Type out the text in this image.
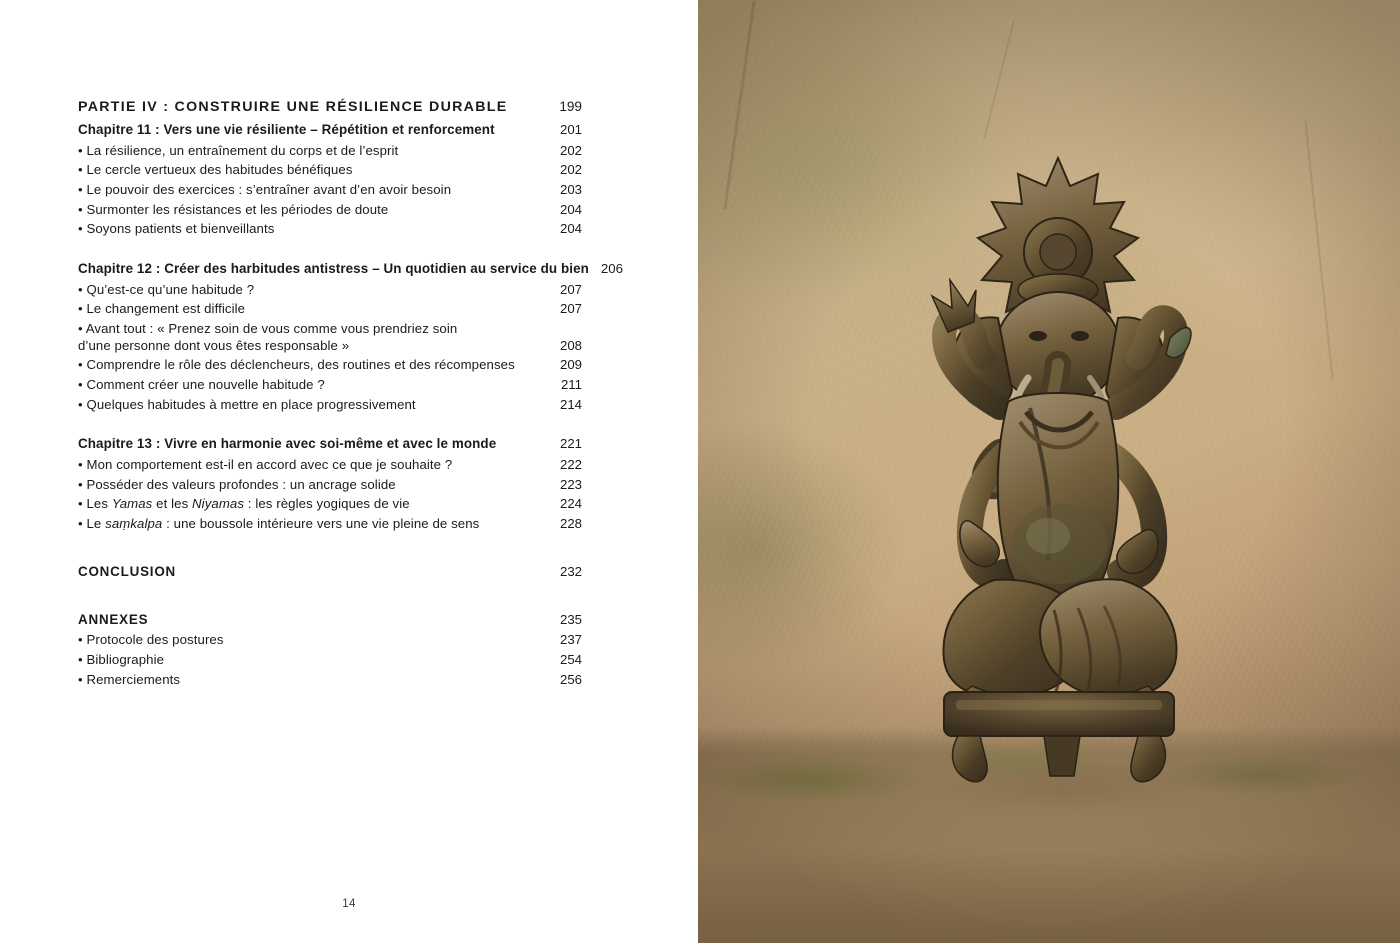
PARTIE IV : CONSTRUIRE UNE RÉSILIENCE DURABLE	199
Chapitre 11 : Vers une vie résiliente – Répétition et renforcement	201
• La résilience, un entraînement du corps et de l’esprit	202
• Le cercle vertueux des habitudes bénéfiques	202
• Le pouvoir des exercices : s’entraîner avant d’en avoir besoin	203
• Surmonter les résistances et les périodes de doute	204
• Soyons patients et bienveillants	204
Chapitre 12 : Créer des harbitudes antistress – Un quotidien au service du bien 206
• Qu’est-ce qu’une habitude ?	207
• Le changement est difficile	207
• Avant tout : « Prenez soin de vous comme vous prendriez soin
d’une personne dont vous êtes responsable »	208
• Comprendre le rôle des déclencheurs, des routines et des récompenses	209
• Comment créer une nouvelle habitude ?	211
• Quelques habitudes à mettre en place progressivement	214
Chapitre 13 : Vivre en harmonie avec soi-même et avec le monde	221
• Mon comportement est-il en accord avec ce que je souhaite ?	222
• Posséder des valeurs profondes : un ancrage solide	223
• Les Yamas et les Niyamas : les règles yogiques de vie	224
• Le saṃkalpa : une boussole intérieure vers une vie pleine de sens	228
CONCLUSION	232
ANNEXES	235
• Protocole des postures	237
• Bibliographie	254
• Remerciements	256
14
